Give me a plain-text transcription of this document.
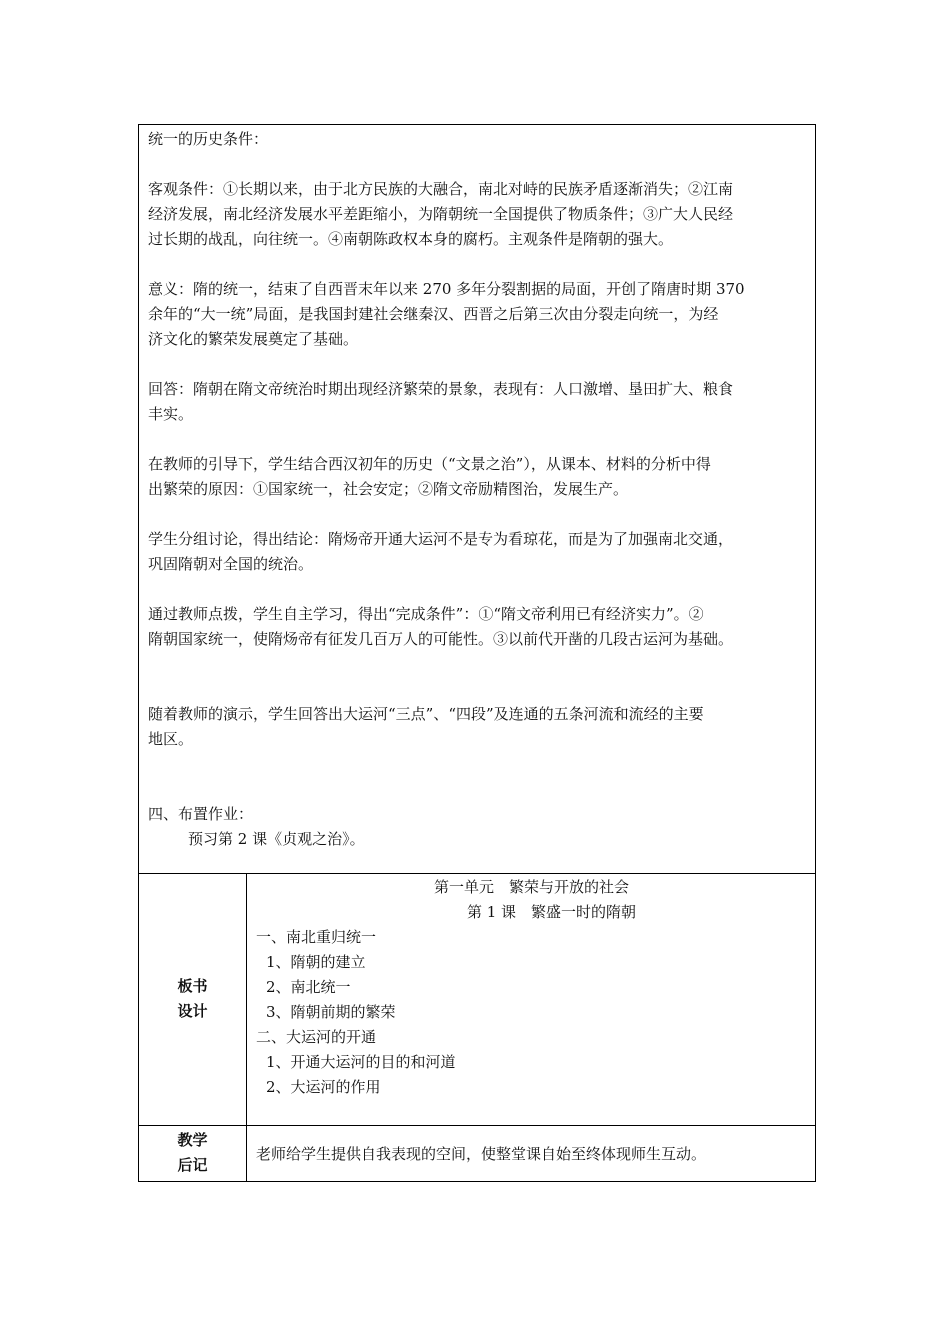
统一的历史条件：

客观条件：①长期以来，由于北方民族的大融合，南北对峙的民族矛盾逐渐消失；②江南

经济发展，南北经济发展水平差距缩小，为隋朝统一全国提供了物质条件；③广大人民经

过长期的战乱，向往统一。④南朝陈政权本身的腐朽。主观条件是隋朝的强大。

意义：隋的统一，结束了自西晋末年以来 270 多年分裂割据的局面，开创了隋唐时期 370

余年的“大一统”局面，是我国封建社会继秦汉、西晋之后第三次由分裂走向统一，为经

济文化的繁荣发展奠定了基础。

回答：隋朝在隋文帝统治时期出现经济繁荣的景象，表现有：人口激增、垦田扩大、粮食

丰实。

在教师的引导下，学生结合西汉初年的历史（“文景之治”），从课本、材料的分析中得

出繁荣的原因：①国家统一，社会安定；②隋文帝励精图治，发展生产。

学生分组讨论，得出结论：隋炀帝开通大运河不是专为看琼花，而是为了加强南北交通，

巩固隋朝对全国的统治。

通过教师点拨，学生自主学习，得出“完成条件”：①“隋文帝利用已有经济实力”。②

隋朝国家统一，使隋炀帝有征发几百万人的可能性。③以前代开凿的几段古运河为基础。

随着教师的演示，学生回答出大运河“三点”、“四段”及连通的五条河流和流经的主要

地区。

四、布置作业：

预习第 2 课《贞观之治》。

板书
设计

第一单元　繁荣与开放的社会

第 1 课　繁盛一时的隋朝

一、南北重归统一

1、隋朝的建立

2、南北统一

3、隋朝前期的繁荣

二、大运河的开通

1、开通大运河的目的和河道

2、大运河的作用

教学
后记
老师给学生提供自我表现的空间，使整堂课自始至终体现师生互动。
